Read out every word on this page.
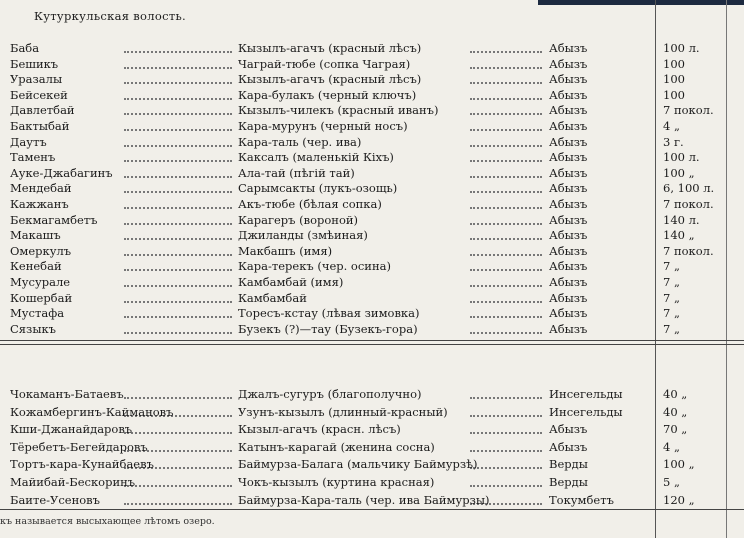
Кутуркульская волость.
Баба	Кызылъ-агачъ (красный лѣсъ)	Абызъ	100 л.
Бешикъ	Чаграй-тюбе (сопка Чаграя)	Абызъ	100
Уразалы	Кызылъ-агачъ (красный лѣсъ)	Абызъ	100
Бейсекей	Кара-булакъ (черный ключъ)	Абызъ	100
Давлетбай	Кызылъ-чилекъ (красный иванъ)	Абызъ	7 покол.
Бактыбай	Кара-мурунъ (черный носъ)	Абызъ	4 „
Даутъ	Кара-таль (чер. ива)	Абызъ	3 г.
Таменъ	Каксалъ (маленькій Кіхъ)	Абызъ	100 л.
Ауке-Джабагинъ	Ала-тай (пѣгій тай)	Абызъ	100 „
Мендебай	Сарымсакты (лукъ-озощь)	Абызъ	6, 100 л.
Кажжанъ	Акъ-тюбе (бѣлая сопка)	Абызъ	7 покол.
Бекмагамбетъ	Карагеръ (вороной)	Абызъ	140 л.
Макашъ	Джиланды (змѣиная)	Абызъ	140 „
Омеркулъ	Макбашъ (имя)	Абызъ	7 покол.
Кенебай	Кара-терекъ (чер. осина)	Абызъ	7 „
Мусурале	Камбамбай (имя)	Абызъ	7 „
Кошербай	Камбамбай	Абызъ	7 „
Мустафа	Торесъ-кстау (лѣвая зимовка)	Абызъ	7 „
Сязыкъ	Бузекъ (?)—тау (Бузекъ-гора)	Абызъ	7 „
Чокаманъ-Батаевъ	Джалъ-сугуръ (благополучно)	Инсегельды	40 „
Кожамбергинъ-Каймановъ	Узунъ-кызылъ (длинный-красный)	Инсегельды	40 „
Кши-Джанайдаровъ	Кызыл-агачъ (красн. лѣсъ)	Абызъ	70 „
Тёребетъ-Бегейдаровъ	Катынъ-карагай (женина сосна)	Абызъ	4 „
Тортъ-кара-Кунайбаевъ	Баймурза-Балага (мальчику Баймурзѣ)	Верды	100 „
Майибай-Бескоринъ	Чокъ-кызылъ (куртина красная)	Верды	5 „
Баите-Усеновъ	Баймурза-Кара-таль (чер. ива Баймурзы)	Токумбетъ	120 „
къ называется высыхающее лѣтомъ озеро.
